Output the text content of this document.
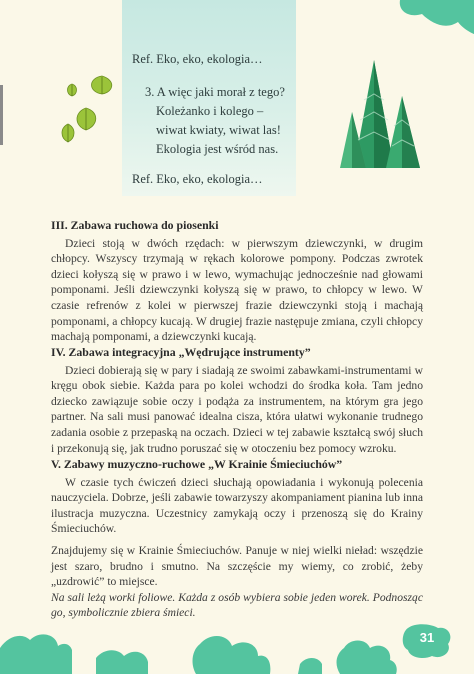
Ref. Eko, eko, ekologia…
3. A więc jaki morał z tego?
Koleżanko i kolego –
wiwat kwiaty, wiwat las!
Ekologia jest wśród nas.
Ref. Eko, eko, ekologia…
III. Zabawa ruchowa do piosenki
Dzieci stoją w dwóch rzędach: w pierwszym dziewczynki, w drugim chłopcy. Wszyscy trzymają w rękach kolorowe pompony. Podczas zwrotek dzieci kołyszą się w prawo i w lewo, wymachując jednocześnie nad głowami pomponami. Jeśli dziewczynki kołyszą się w prawo, to chłopcy w lewo. W czasie refrenów z kolei w pierwszej frazie dziewczynki stoją i machają pomponami, a chłopcy kucają. W drugiej frazie następuje zmiana, czyli chłopcy machają pomponami, a dziewczynki kucają.
IV. Zabawa integracyjna „Wędrujące instrumenty”
Dzieci dobierają się w pary i siadają ze swoimi zabawkami-instrumentami w kręgu obok siebie. Każda para po kolei wchodzi do środka koła. Tam jedno dziecko zawiązuje sobie oczy i podąża za instrumentem, na którym gra jego partner. Na sali musi panować idealna cisza, która ułatwi wykonanie trudnego zadania osobie z przepaską na oczach. Dzieci w tej zabawie kształcą swój słuch i przekonują się, jak trudno poruszać się w otoczeniu bez pomocy wzroku.
V. Zabawy muzyczno-ruchowe „W Krainie Śmieciuchów”
W czasie tych ćwiczeń dzieci słuchają opowiadania i wykonują polecenia nauczyciela. Dobrze, jeśli zabawie towarzyszy akompaniament pianina lub inna ilustracja muzyczna. Uczestnicy zamykają oczy i przenoszą się do Krainy Śmieciuchów.
Znajdujemy się w Krainie Śmieciuchów. Panuje w niej wielki nieład: wszędzie jest szaro, brudno i smutno. Na szczęście my wiemy, co zrobić, żeby „uzdrowić” to miejsce.
Na sali leżą worki foliowe. Każda z osób wybiera sobie jeden worek. Podnosząc go, symbolicznie zbiera śmieci.
31
